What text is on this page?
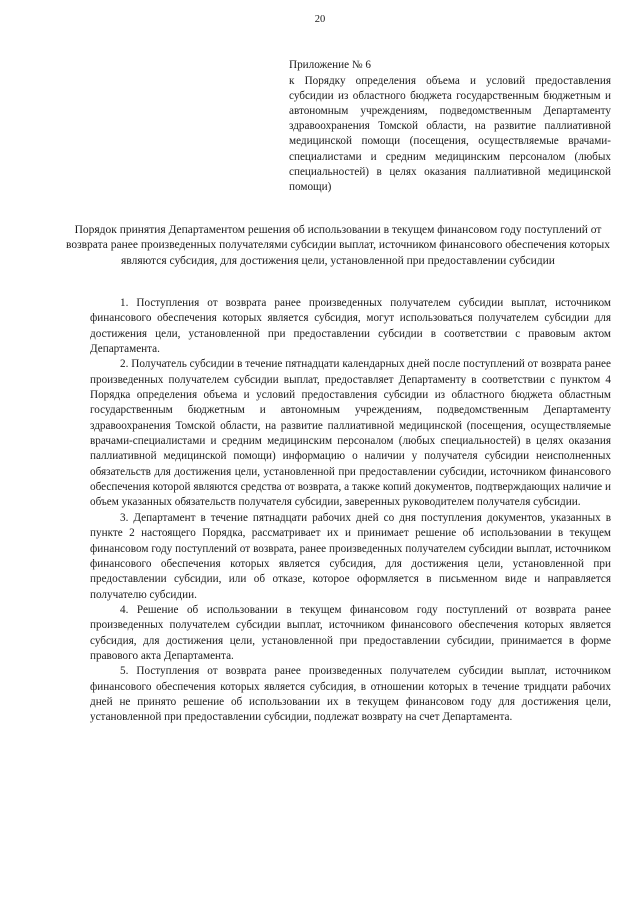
20
Приложение № 6
к Порядку определения объема и условий предоставления субсидии из областного бюджета государственным бюджетным и автономным учреждениям, подведомственным Департаменту здравоохранения Томской области, на развитие паллиативной медицинской помощи (посещения, осуществляемые врачами-специалистами и средним медицинским персоналом (любых специальностей) в целях оказания паллиативной медицинской помощи)
Порядок принятия Департаментом решения об использовании в текущем финансовом году поступлений от возврата ранее произведенных получателями субсидии выплат, источником финансового обеспечения которых являются субсидия, для достижения цели, установленной при предоставлении субсидии

1. Поступления от возврата ранее произведенных получателем субсидии выплат, источником финансового обеспечения которых является субсидия, могут использоваться получателем субсидии для достижения цели, установленной при предоставлении субсидии в соответствии с правовым актом Департамента.

2. Получатель субсидии в течение пятнадцати календарных дней после поступлений от возврата ранее произведенных получателем субсидии выплат, предоставляет Департаменту в соответствии с пунктом 4 Порядка определения объема и условий предоставления субсидии из областного бюджета областным государственным бюджетным и автономным учреждениям, подведомственным Департаменту здравоохранения Томской области, на развитие паллиативной медицинской (посещения, осуществляемые врачами-специалистами и средним медицинским персоналом (любых специальностей) в целях оказания паллиативной медицинской помощи) информацию о наличии у получателя субсидии неисполненных обязательств для достижения цели, установленной при предоставлении субсидии, источником финансового обеспечения которой являются средства от возврата, а также копий документов, подтверждающих наличие и объем указанных обязательств получателя субсидии, заверенных руководителем получателя субсидии.

3. Департамент в течение пятнадцати рабочих дней со дня поступления документов, указанных в пункте 2 настоящего Порядка, рассматривает их и принимает решение об использовании в текущем финансовом году поступлений от возврата, ранее произведенных получателем субсидии выплат, источником финансового обеспечения которых является субсидия, для достижения цели, установленной при предоставлении субсидии, или об отказе, которое оформляется в письменном виде и направляется получателю субсидии.

4. Решение об использовании в текущем финансовом году поступлений от возврата ранее произведенных получателем субсидии выплат, источником финансового обеспечения которых является субсидия, для достижения цели, установленной при предоставлении субсидии, принимается в форме правового акта Департамента.

5. Поступления от возврата ранее произведенных получателем субсидии выплат, источником финансового обеспечения которых является субсидия, в отношении которых в течение тридцати рабочих дней не принято решение об использовании их в текущем финансовом году для достижения цели, установленной при предоставлении субсидии, подлежат возврату на счет Департамента.
